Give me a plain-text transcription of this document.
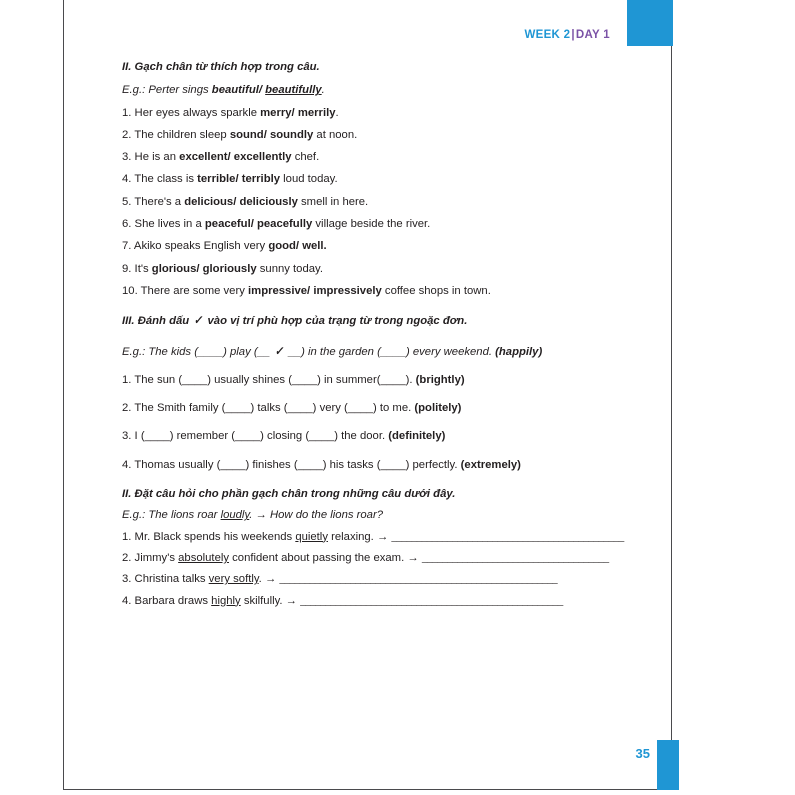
WEEK 2|DAY 1
II. Gạch chân từ thích hợp trong câu.
E.g.: Perter sings beautiful/ beautifully.
1. Her eyes always sparkle merry/ merrily.
2. The children sleep sound/ soundly at noon.
3. He is an excellent/ excellently chef.
4. The class is terrible/ terribly loud today.
5. There's a delicious/ deliciously smell in here.
6. She lives in a peaceful/ peacefully village beside the river.
7. Akiko speaks English very good/ well.
9. It's glorious/ gloriously sunny today.
10. There are some very impressive/ impressively coffee shops in town.
III. Đánh dấu ✓ vào vị trí phù hợp của trạng từ trong ngoặc đơn.
E.g.: The kids (____) play (__ ✓ __) in the garden (____) every weekend. (happily)
1. The sun (____) usually shines (____) in summer(____). (brightly)
2. The Smith family (____) talks (____) very (____) to me. (politely)
3. I (____) remember (____) closing (____) the door. (definitely)
4. Thomas usually (____) finishes (____) his tasks (____) perfectly. (extremely)
II. Đặt câu hỏi cho phần gạch chân trong những câu dưới đây.
E.g.: The lions roar loudly. → How do the lions roar?
1. Mr. Black spends his weekends quietly relaxing. → ______________________________________________
2. Jimmy's absolutely confident about passing the exam. → _____________________________________
3. Christina talks very softly. → _______________________________________________________
4. Barbara draws highly skilfully. → ____________________________________________________
35
